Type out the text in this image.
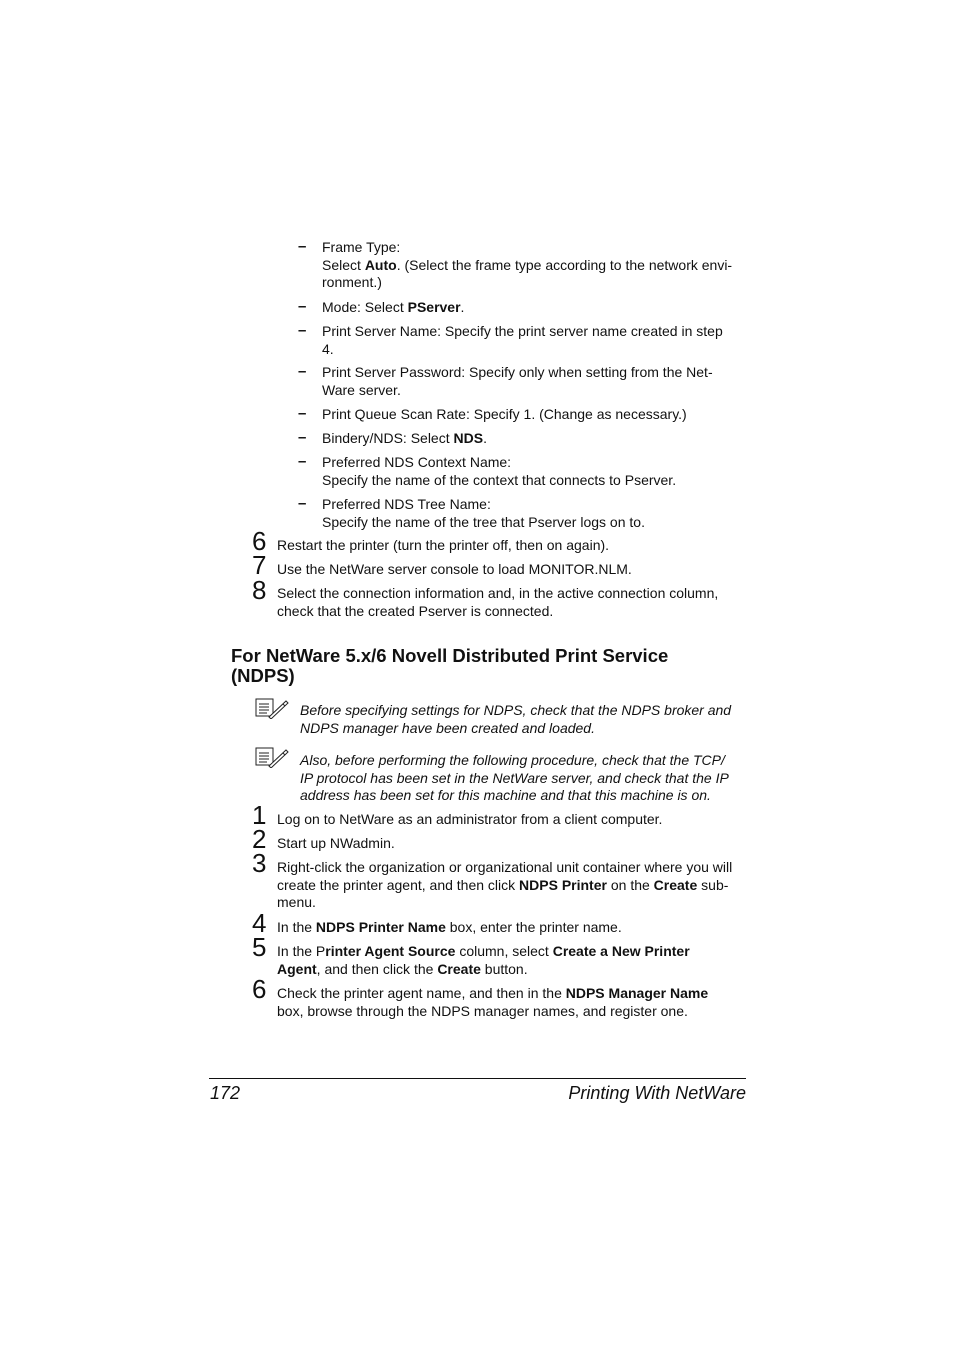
– Frame Type:
Select Auto. (Select the frame type according to the network envi-
ronment.)
– Mode: Select PServer.
– Print Server Name: Specify the print server name created in step
4.
– Print Server Password: Specify only when setting from the Net-
Ware server.
– Print Queue Scan Rate: Specify 1. (Change as necessary.)
– Bindery/NDS: Select NDS.
– Preferred NDS Context Name:
Specify the name of the context that connects to Pserver.
– Preferred NDS Tree Name:
Specify the name of the tree that Pserver logs on to.
6 Restart the printer (turn the printer off, then on again).
7 Use the NetWare server console to load MONITOR.NLM.
8 Select the connection information and, in the active connection column,
check that the created Pserver is connected.
For NetWare 5.x/6 Novell Distributed Print Service
(NDPS)
Before specifying settings for NDPS, check that the NDPS broker and
NDPS manager have been created and loaded.
Also, before performing the following procedure, check that the TCP/
IP protocol has been set in the NetWare server, and check that the IP
address has been set for this machine and that this machine is on.
1 Log on to NetWare as an administrator from a client computer.
2 Start up NWadmin.
3 Right-click the organization or organizational unit container where you will
create the printer agent, and then click NDPS Printer on the Create sub-
menu.
4 In the NDPS Printer Name box, enter the printer name.
5 In the Printer Agent Source column, select Create a New Printer
Agent, and then click the Create button.
6 Check the printer agent name, and then in the NDPS Manager Name
box, browse through the NDPS manager names, and register one.
172	Printing With NetWare
